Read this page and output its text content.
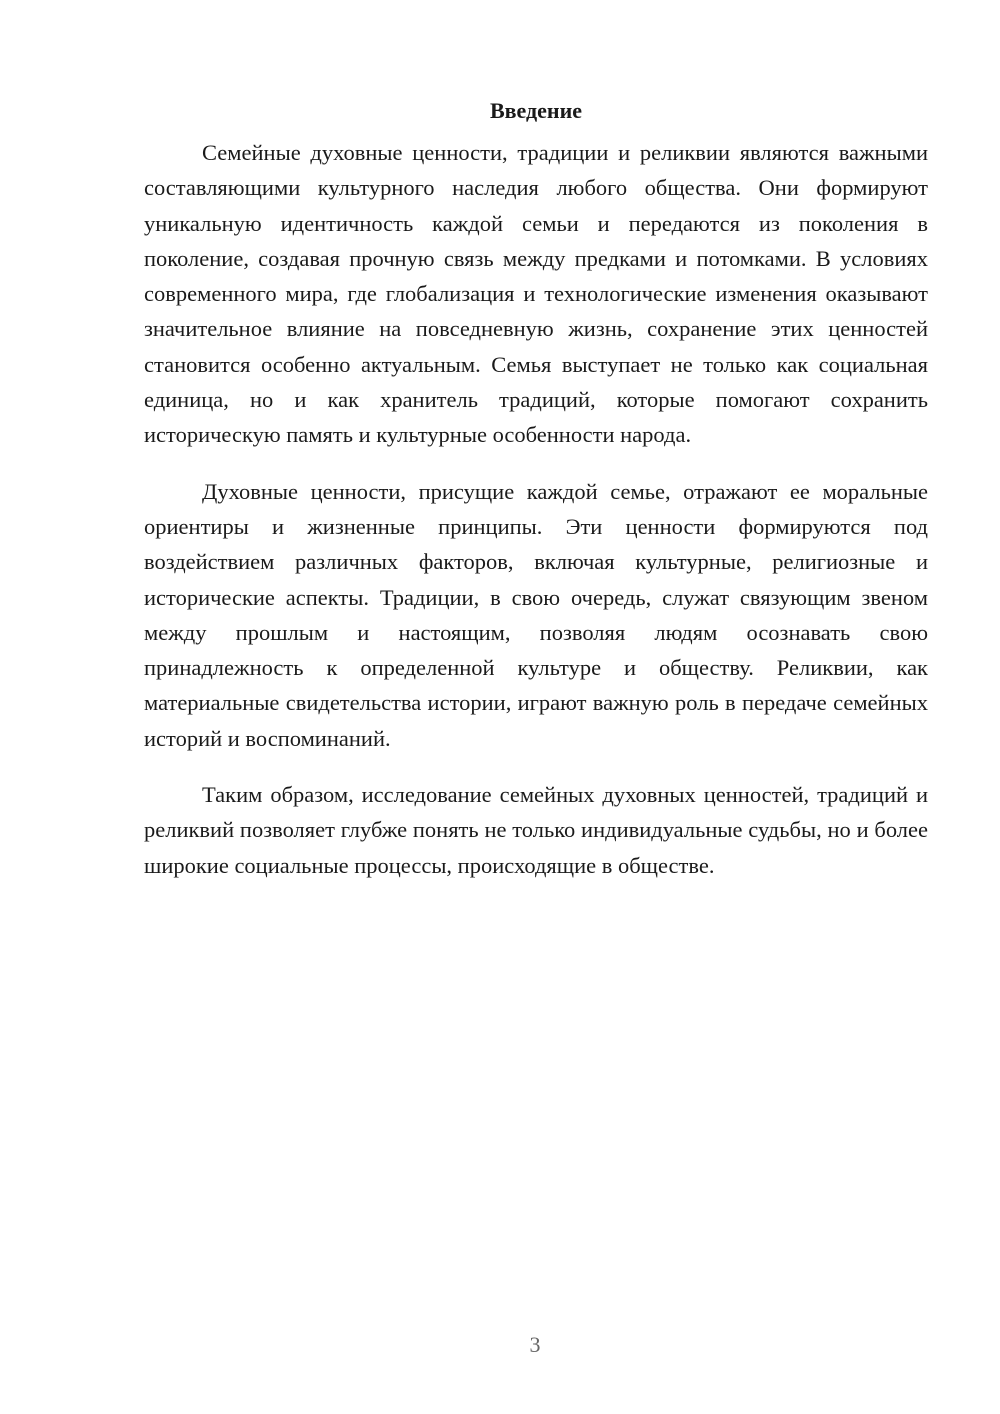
Введение

Семейные духовные ценности, традиции и реликвии являются важными составляющими культурного наследия любого общества. Они формируют уникальную идентичность каждой семьи и передаются из поколения в поколение, создавая прочную связь между предками и потомками. В условиях современного мира, где глобализация и технологические изменения оказывают значительное влияние на повседневную жизнь, сохранение этих ценностей становится особенно актуальным. Семья выступает не только как социальная единица, но и как хранитель традиций, которые помогают сохранить историческую память и культурные особенности народа.

Духовные ценности, присущие каждой семье, отражают ее моральные ориентиры и жизненные принципы. Эти ценности формируются под воздействием различных факторов, включая культурные, религиозные и исторические аспекты. Традиции, в свою очередь, служат связующим звеном между прошлым и настоящим, позволяя людям осознавать свою принадлежность к определенной культуре и обществу. Реликвии, как материальные свидетельства истории, играют важную роль в передаче семейных историй и воспоминаний.

Таким образом, исследование семейных духовных ценностей, традиций и реликвий позволяет глубже понять не только индивидуальные судьбы, но и более широкие социальные процессы, происходящие в обществе.

3
